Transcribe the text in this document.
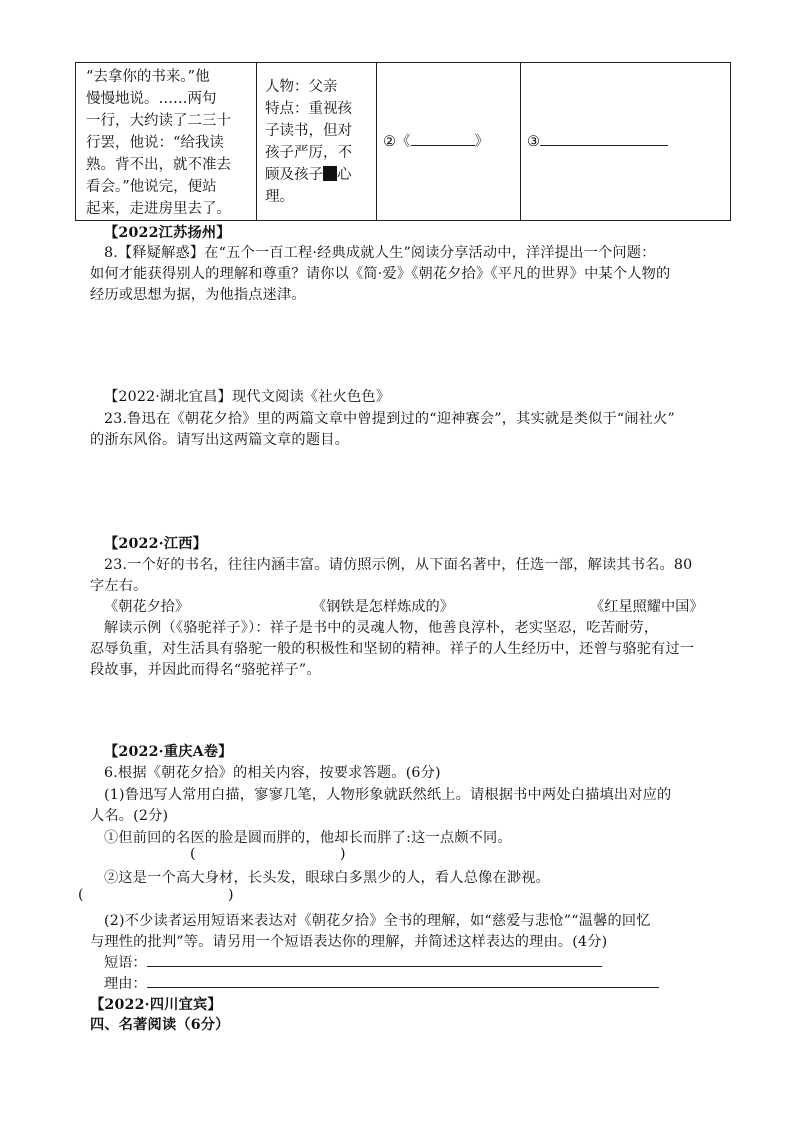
“去拿你的书来。”他
慢慢地说。……两句
一行，大约读了二三十
行罢，他说：“给我读
熟。背不出，就不准去
看会。”他说完，便站
起来，走进房里去了。

人物：父亲
特点：重视孩
子读书，但对
孩子严厉，不
顾及孩子 心理。

②《	》	③
【2022江苏扬州】
8.【释疑解惑】在“五个一百工程·经典成就人生”阅读分享活动中，洋洋提出一个问题：
如何才能获得别人的理解和尊重？请你以《简·爱》《朝花夕拾》《平凡的世界》中某个人物的
经历或思想为据，为他指点迷津。
【2022·湖北宜昌】现代文阅读《社火色色》
23.鲁迅在《朝花夕拾》里的两篇文章中曾提到过的“迎神赛会”，其实就是类似于“闹社火”
的浙东风俗。请写出这两篇文章的题目。
【2022·江西】
23.一个好的书名，往往内涵丰富。请仿照示例，从下面名著中，任选一部，解读其书名。80
字左右。
《朝花夕拾》	《钢铁是怎样炼成的》	《红星照耀中国》
解读示例（《骆驼祥子》）：祥子是书中的灵魂人物，他善良淳朴，老实坚忍，吃苦耐劳，
忍辱负重，对生活具有骆驼一般的积极性和坚韧的精神。祥子的人生经历中，还曾与骆驼有过一
段故事，并因此而得名“骆驼祥子”。
【2022·重庆A卷】
6.根据《朝花夕拾》的相关内容，按要求答题。(6分)
(1)鲁迅写人常用白描，寥寥几笔，人物形象就跃然纸上。请根据书中两处白描填出对应的
人名。(2分)
①但前回的名医的脸是圆而胖的，他却长而胖了:这一点颇不同。
(	)
②这是一个高大身材，长头发，眼球白多黑少的人，看人总像在渺视。
(	)
(2)不少读者运用短语来表达对《朝花夕拾》全书的理解，如“慈爱与悲怆”“温馨的回忆
与理性的批判”等。请另用一个短语表达你的理解，并简述这样表达的理由。(4分)
短语：
理由：
【2022·四川宜宾】
四、名著阅读（6分）
